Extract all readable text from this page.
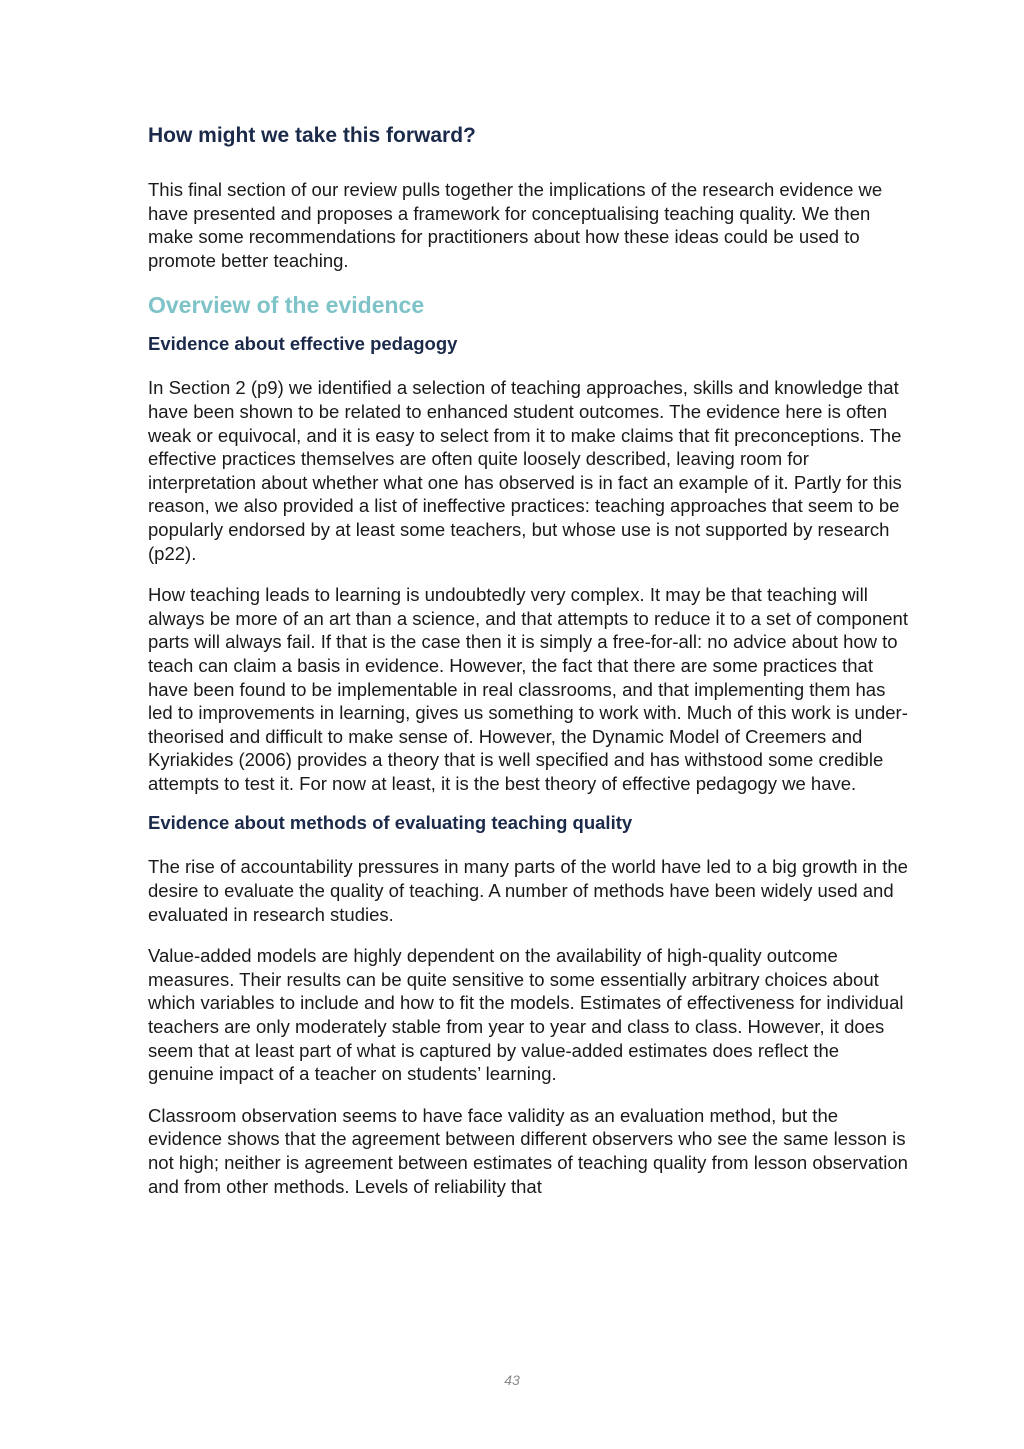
How might we take this forward?

This final section of our review pulls together the implications of the research evidence we have presented and proposes a framework for conceptualising teaching quality. We then make some recommendations for practitioners about how these ideas could be used to promote better teaching.

Overview of the evidence
Evidence about effective pedagogy

In Section 2 (p9) we identified a selection of teaching approaches, skills and knowledge that have been shown to be related to enhanced student outcomes. The evidence here is often weak or equivocal, and it is easy to select from it to make claims that fit preconceptions. The effective practices themselves are often quite loosely described, leaving room for interpretation about whether what one has observed is in fact an example of it. Partly for this reason, we also provided a list of ineffective practices: teaching approaches that seem to be popularly endorsed by at least some teachers, but whose use is not supported by research (p22).

How teaching leads to learning is undoubtedly very complex. It may be that teaching will always be more of an art than a science, and that attempts to reduce it to a set of component parts will always fail. If that is the case then it is simply a free-for-all: no advice about how to teach can claim a basis in evidence. However, the fact that there are some practices that have been found to be implementable in real classrooms, and that implementing them has led to improvements in learning, gives us something to work with. Much of this work is under-theorised and difficult to make sense of. However, the Dynamic Model of Creemers and Kyriakides (2006) provides a theory that is well specified and has withstood some credible attempts to test it. For now at least, it is the best theory of effective pedagogy we have.

Evidence about methods of evaluating teaching quality

The rise of accountability pressures in many parts of the world have led to a big growth in the desire to evaluate the quality of teaching. A number of methods have been widely used and evaluated in research studies.

Value-added models are highly dependent on the availability of high-quality outcome measures. Their results can be quite sensitive to some essentially arbitrary choices about which variables to include and how to fit the models. Estimates of effectiveness for individual teachers are only moderately stable from year to year and class to class. However, it does seem that at least part of what is captured by value-added estimates does reflect the genuine impact of a teacher on students’ learning.

Classroom observation seems to have face validity as an evaluation method, but the evidence shows that the agreement between different observers who see the same lesson is not high; neither is agreement between estimates of teaching quality from lesson observation and from other methods. Levels of reliability that

43
